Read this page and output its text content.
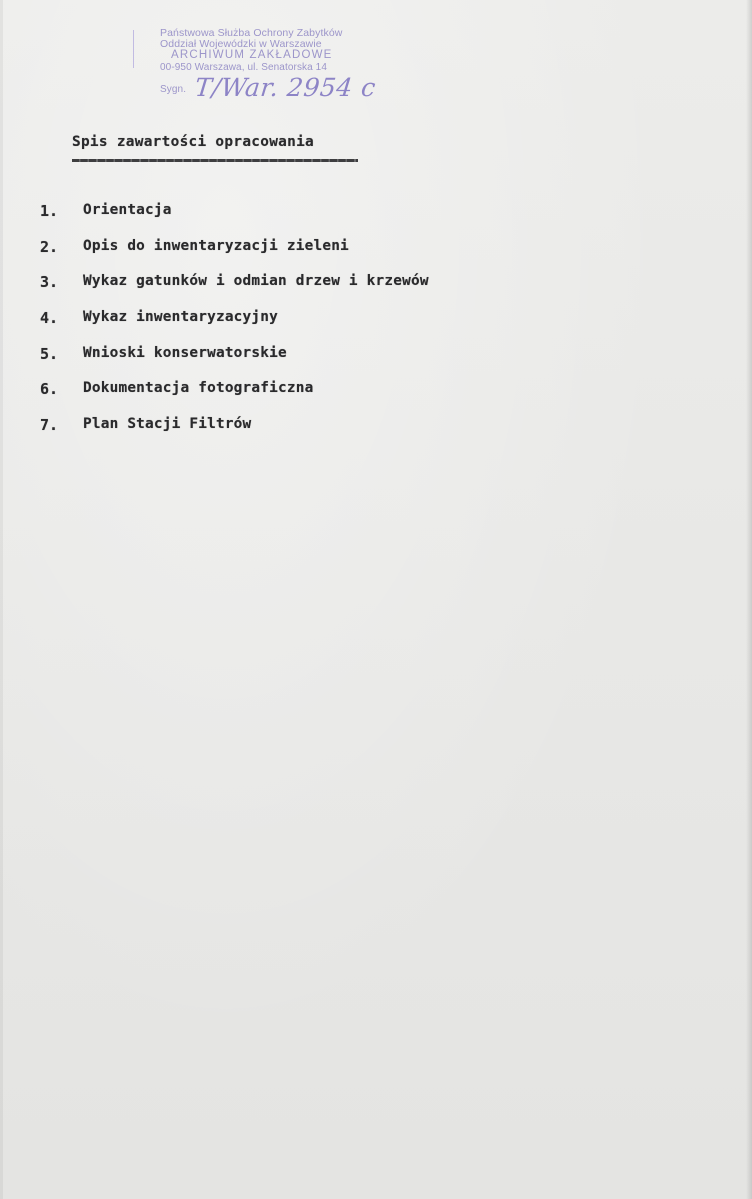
Państwowa Służba Ochrony Zabytków
Oddział Wojewódzki w Warszawie
ARCHIWUM ZAKŁADOWE
00-950 Warszawa, ul. Senatorska 14
Sygn. T/War. 2954 c
Spis zawartości opracowania
1.	Orientacja
2.	Opis do inwentaryzacji zieleni
3.	Wykaz gatunków i odmian drzew i krzewów
4.	Wykaz inwentaryzacyjny
5.	Wnioski konserwatorskie
6.	Dokumentacja fotograficzna
7.	Plan Stacji Filtrów
